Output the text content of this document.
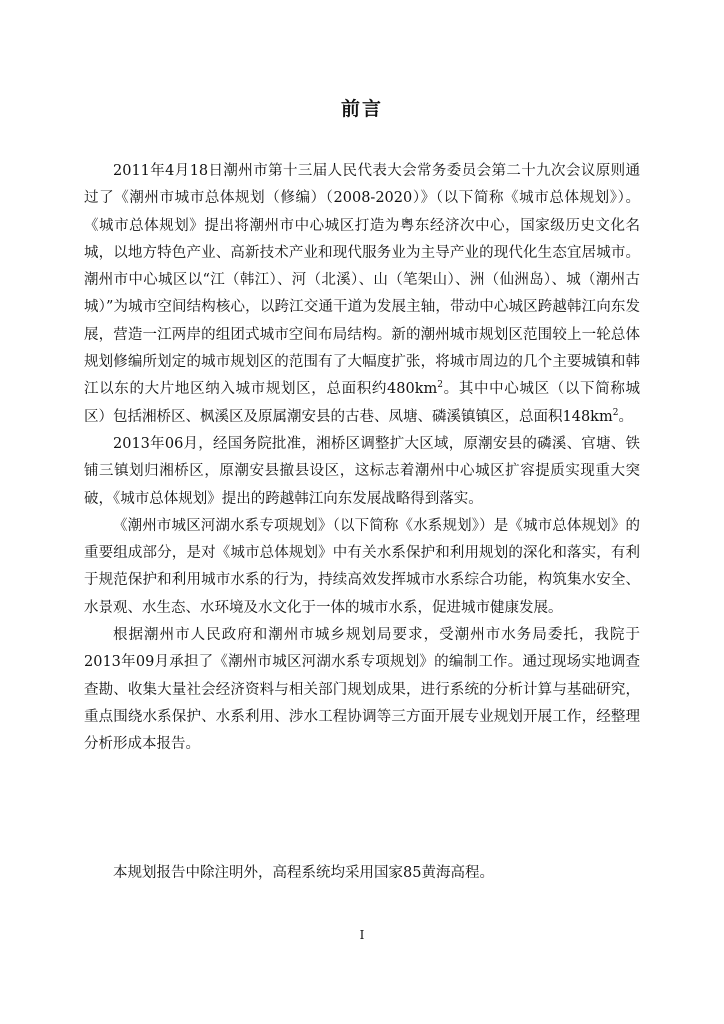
前言

2011年4月18日潮州市第十三届人民代表大会常务委员会第二十九次会议原则通过了《潮州市城市总体规划（修编）（2008-2020）》（以下简称《城市总体规划》）。《城市总体规划》提出将潮州市中心城区打造为粤东经济次中心，国家级历史文化名城，以地方特色产业、高新技术产业和现代服务业为主导产业的现代化生态宜居城市。潮州市中心城区以“江（韩江）、河（北溪）、山（笔架山）、洲（仙洲岛）、城（潮州古城）”为城市空间结构核心，以跨江交通干道为发展主轴，带动中心城区跨越韩江向东发展，营造一江两岸的组团式城市空间布局结构。新的潮州城市规划区范围较上一轮总体规划修编所划定的城市规划区的范围有了大幅度扩张，将城市周边的几个主要城镇和韩江以东的大片地区纳入城市规划区，总面积约$480km^2$。其中中心城区（以下简称城区）包括湘桥区、枫溪区及原属潮安县的古巷、凤塘、磷溪镇镇区，总面积$148km^2$。

2013年06月，经国务院批准，湘桥区调整扩大区域，原潮安县的磷溪、官塘、铁铺三镇划归湘桥区，原潮安县撤县设区，这标志着潮州中心城区扩容提质实现重大突破，《城市总体规划》提出的跨越韩江向东发展战略得到落实。

《潮州市城区河湖水系专项规划》（以下简称《水系规划》）是《城市总体规划》的重要组成部分，是对《城市总体规划》中有关水系保护和利用规划的深化和落实，有利于规范保护和利用城市水系的行为，持续高效发挥城市水系综合功能，构筑集水安全、水景观、水生态、水环境及水文化于一体的城市水系，促进城市健康发展。

根据潮州市人民政府和潮州市城乡规划局要求，受潮州市水务局委托，我院于2013年09月承担了《潮州市城区河湖水系专项规划》的编制工作。通过现场实地调查查勘、收集大量社会经济资料与相关部门规划成果，进行系统的分析计算与基础研究，重点围绕水系保护、水系利用、涉水工程协调等三方面开展专业规划开展工作，经整理分析形成本报告。

本规划报告中除注明外，高程系统均采用国家85黄海高程。

I
